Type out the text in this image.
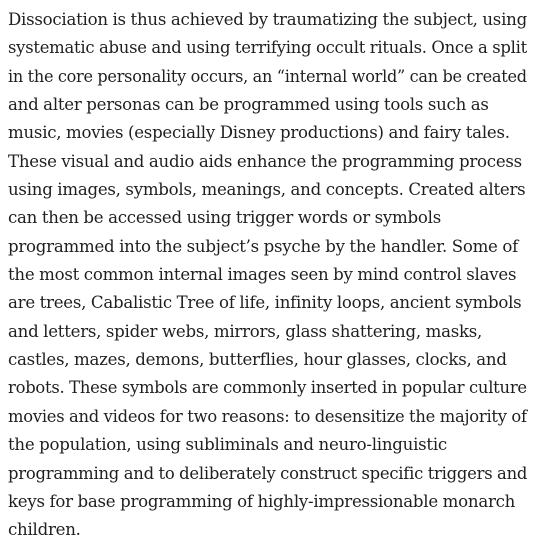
Dissociation is thus achieved by traumatizing the subject, using
systematic abuse and using terrifying occult rituals. Once a split
in the core personality occurs, an “internal world” can be created
and alter personas can be programmed using tools such as
music, movies (especially Disney productions) and fairy tales.
These visual and audio aids enhance the programming process
using images, symbols, meanings, and concepts. Created alters
can then be accessed using trigger words or symbols
programmed into the subject’s psyche by the handler. Some of
the most common internal images seen by mind control slaves
are trees, Cabalistic Tree of life, infinity loops, ancient symbols
and letters, spider webs, mirrors, glass shattering, masks,
castles, mazes, demons, butterflies, hour glasses, clocks, and
robots. These symbols are commonly inserted in popular culture
movies and videos for two reasons: to desensitize the majority of
the population, using subliminals and neuro-linguistic
programming and to deliberately construct specific triggers and
keys for base programming of highly-impressionable monarch
children.
